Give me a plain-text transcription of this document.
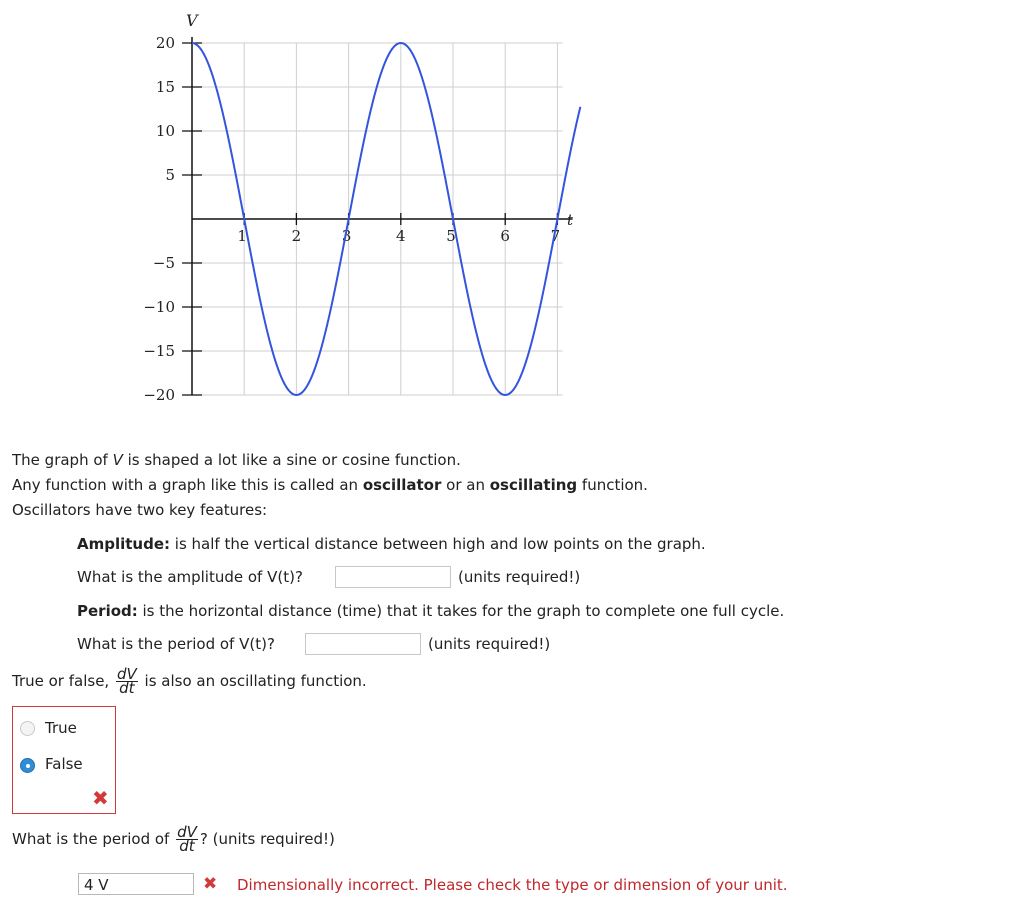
20
15
10
5
−5
−10
−15
−20
1	2	3	4	5	6	7
V
t
The graph of V is shaped a lot like a sine or cosine function.
Any function with a graph like this is called an oscillator or an oscillating function.
Oscillators have two key features:
Amplitude: is half the vertical distance between high and low points on the graph.
What is the amplitude of V(t)?	(units required!)
Period: is the horizontal distance (time) that it takes for the graph to complete one full cycle.
What is the period of V(t)?	(units required!)
True or false, $\frac{dV}{dt}$ is also an oscillating function.
True
False
✖
What is the period of $\frac{dV}{dt}$ ? (units required!)
4 V	✖ Dimensionally incorrect. Please check the type or dimension of your unit.
